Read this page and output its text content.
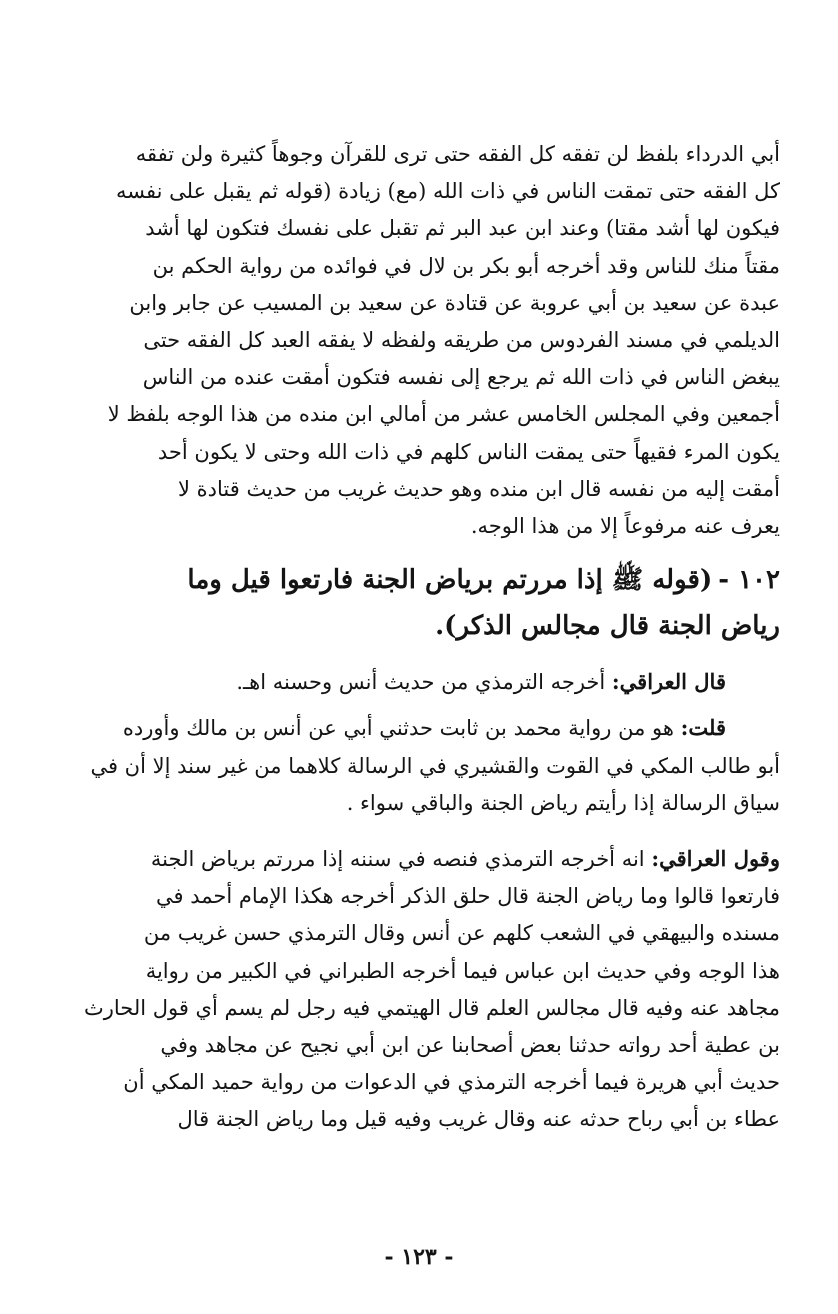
أبي الدرداء بلفظ لن تفقه كل الفقه حتى ترى للقرآن وجوهاً كثيرة ولن تفقه
كل الفقه حتى تمقت الناس في ذات الله (مع) زيادة (قوله ثم يقبل على نفسه
فيكون لها أشد مقتا) وعند ابن عبد البر ثم تقبل على نفسك فتكون لها أشد
مقتاً منك للناس وقد أخرجه أبو بكر بن لال في فوائده من رواية الحكم بن
عبدة عن سعيد بن أبي عروبة عن قتادة عن سعيد بن المسيب عن جابر وابن
الديلمي في مسند الفردوس من طريقه ولفظه لا يفقه العبد كل الفقه حتى
يبغض الناس في ذات الله ثم يرجع إلى نفسه فتكون أمقت عنده من الناس
أجمعين وفي المجلس الخامس عشر من أمالي ابن منده من هذا الوجه بلفظ لا
يكون المرء فقيهاً حتى يمقت الناس كلهم في ذات الله وحتى لا يكون أحد
أمقت إليه من نفسه قال ابن منده وهو حديث غريب من حديث قتادة لا
يعرف عنه مرفوعاً إلا من هذا الوجه.
١٠٢ -(قوله ﷺ إذا مررتم برياض الجنة فارتعوا قيل وما
رياض الجنة قال مجالس الذكر).
قال العراقي: أخرجه الترمذي من حديث أنس وحسنه اهـ.
قلت: هو من رواية محمد بن ثابت حدثني أبي عن أنس بن مالك وأورده
أبو طالب المكي في القوت والقشيري في الرسالة كلاهما من غير سند إلا أن في
سياق الرسالة إذا رأيتم رياض الجنة والباقي سواء .
وقول العراقي: انه أخرجه الترمذي فنصه في سننه إذا مررتم برياض الجنة
فارتعوا قالوا وما رياض الجنة قال حلق الذكر أخرجه هكذا الإمام أحمد في
مسنده والبيهقي في الشعب كلهم عن أنس وقال الترمذي حسن غريب من
هذا الوجه وفي حديث ابن عباس فيما أخرجه الطبراني في الكبير من رواية
مجاهد عنه وفيه قال مجالس العلم قال الهيتمي فيه رجل لم يسم أي قول الحارث
بن عطية أحد رواته حدثنا بعض أصحابنا عن ابن أبي نجيح عن مجاهد وفي
حديث أبي هريرة فيما أخرجه الترمذي في الدعوات من رواية حميد المكي أن
عطاء بن أبي رباح حدثه عنه وقال غريب وفيه قيل وما رياض الجنة قال
- ١٢٣ -
